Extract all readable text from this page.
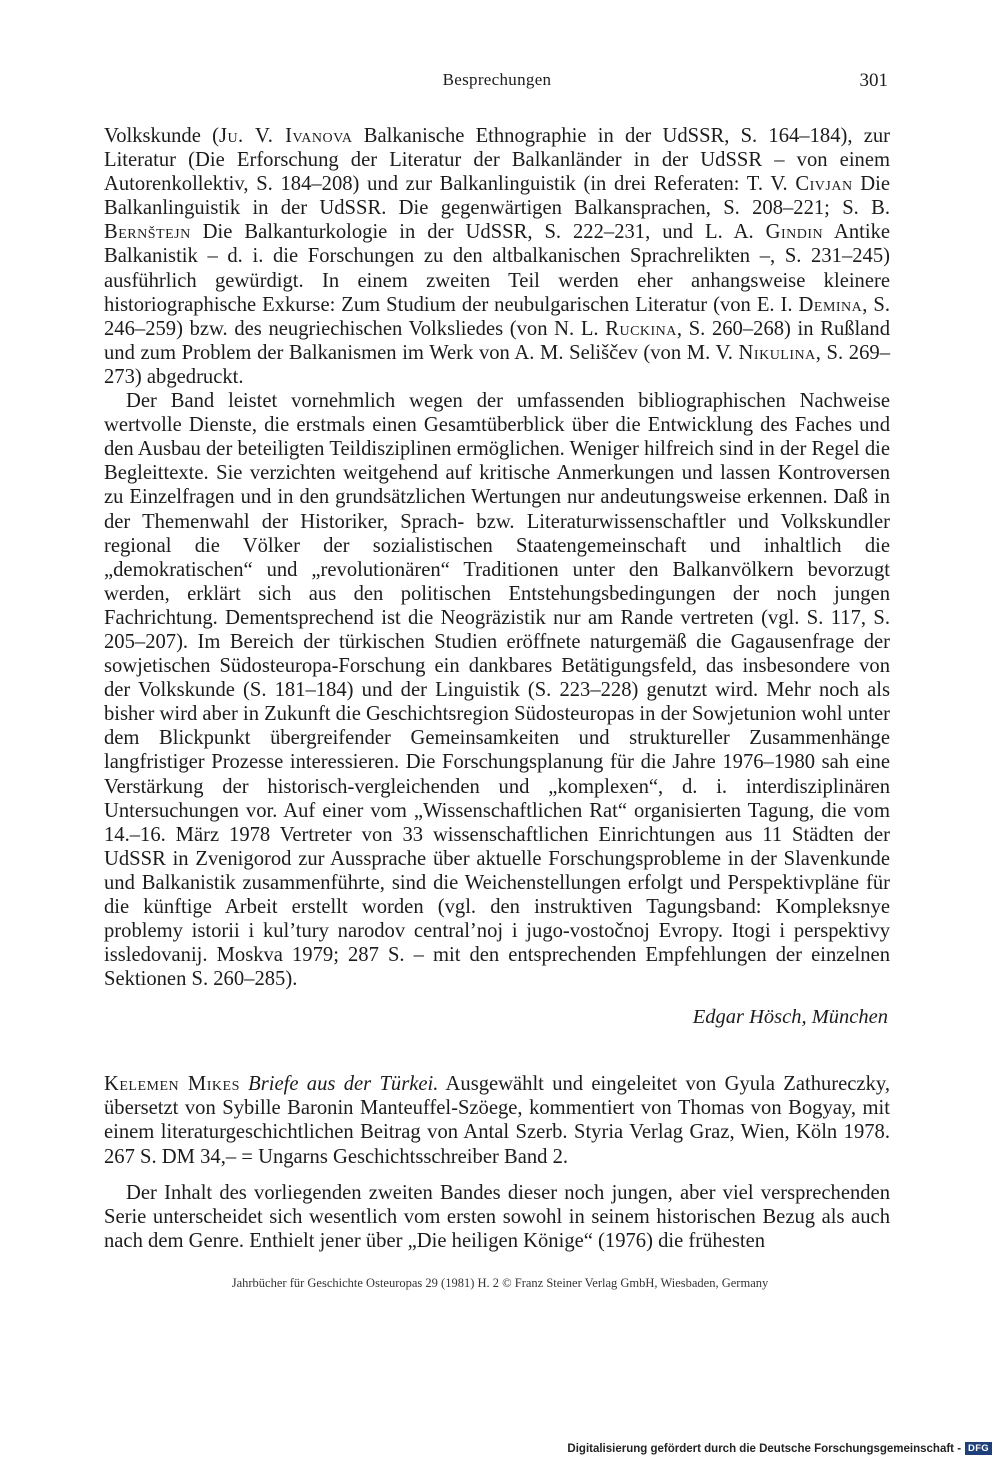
Besprechungen	301

Volkskunde (Ju. V. Ivanova Balkanische Ethnographie in der UdSSR, S. 164–184), zur Literatur (Die Erforschung der Literatur der Balkanländer in der UdSSR – von einem Autorenkollektiv, S. 184–208) und zur Balkanlinguistik (in drei Referaten: T. V. Civjan Die Balkanlinguistik in der UdSSR. Die gegenwärtigen Balkansprachen, S. 208–221; S. B. Bernštejn Die Balkanturkologie in der UdSSR, S. 222–231, und L. A. Gindin Antike Balkanistik – d. i. die Forschungen zu den altbalkanischen Sprachrelikten –, S. 231–245) ausführlich gewürdigt. In einem zweiten Teil werden eher anhangsweise kleinere historiographische Exkurse: Zum Studium der neubulgarischen Literatur (von E. I. Demina, S. 246–259) bzw. des neugriechischen Volksliedes (von N. L. Ruckina, S. 260–268) in Rußland und zum Problem der Balkanismen im Werk von A. M. Seliščev (von M. V. Nikulina, S. 269–273) abgedruckt.

Der Band leistet vornehmlich wegen der umfassenden bibliographischen Nachweise wertvolle Dienste, die erstmals einen Gesamtüberblick über die Entwicklung des Faches und den Ausbau der beteiligten Teildisziplinen ermöglichen. Weniger hilfreich sind in der Regel die Begleittexte. Sie verzichten weitgehend auf kritische Anmerkungen und lassen Kontroversen zu Einzelfragen und in den grundsätzlichen Wertungen nur andeutungsweise erkennen. Daß in der Themenwahl der Historiker, Sprach- bzw. Literaturwissenschaftler und Volkskundler regional die Völker der sozialistischen Staatengemeinschaft und inhaltlich die „demokratischen“ und „revolutionären“ Traditionen unter den Balkanvölkern bevorzugt werden, erklärt sich aus den politischen Entstehungsbedingungen der noch jungen Fachrichtung. Dementsprechend ist die Neogräzistik nur am Rande vertreten (vgl. S. 117, S. 205–207). Im Bereich der türkischen Studien eröffnete naturgemäß die Gagausenfrage der sowjetischen Südosteuropa-Forschung ein dankbares Betätigungsfeld, das insbesondere von der Volkskunde (S. 181–184) und der Linguistik (S. 223–228) genutzt wird. Mehr noch als bisher wird aber in Zukunft die Geschichtsregion Südosteuropas in der Sowjetunion wohl unter dem Blickpunkt übergreifender Gemeinsamkeiten und struktureller Zusammenhänge langfristiger Prozesse interessieren. Die Forschungsplanung für die Jahre 1976–1980 sah eine Verstärkung der historisch-vergleichenden und „komplexen“, d. i. interdisziplinären Untersuchungen vor. Auf einer vom „Wissenschaftlichen Rat“ organisierten Tagung, die vom 14.–16. März 1978 Vertreter von 33 wissenschaftlichen Einrichtungen aus 11 Städten der UdSSR in Zvenigorod zur Aussprache über aktuelle Forschungsprobleme in der Slavenkunde und Balkanistik zusammenführte, sind die Weichenstellungen erfolgt und Perspektivpläne für die künftige Arbeit erstellt worden (vgl. den instruktiven Tagungsband: Kompleksnye problemy istorii i kul’tury narodov central’noj i jugo-vostočnoj Evropy. Itogi i perspektivy issledovanij. Moskva 1979; 287 S. – mit den entsprechenden Empfehlungen der einzelnen Sektionen S. 260–285).

Edgar Hösch, München

Kelemen Mikes Briefe aus der Türkei. Ausgewählt und eingeleitet von Gyula Zathureczky, übersetzt von Sybille Baronin Manteuffel-Szöege, kommentiert von Thomas von Bogyay, mit einem literaturgeschichtlichen Beitrag von Antal Szerb. Styria Verlag Graz, Wien, Köln 1978. 267 S. DM 34,– = Ungarns Geschichtsschreiber Band 2.

Der Inhalt des vorliegenden zweiten Bandes dieser noch jungen, aber viel versprechenden Serie unterscheidet sich wesentlich vom ersten sowohl in seinem historischen Bezug als auch nach dem Genre. Enthielt jener über „Die heiligen Könige“ (1976) die frühesten

Jahrbücher für Geschichte Osteuropas 29 (1981) H. 2 © Franz Steiner Verlag GmbH, Wiesbaden, Germany
Digitalisierung gefördert durch die Deutsche Forschungsgemeinschaft - DFG
